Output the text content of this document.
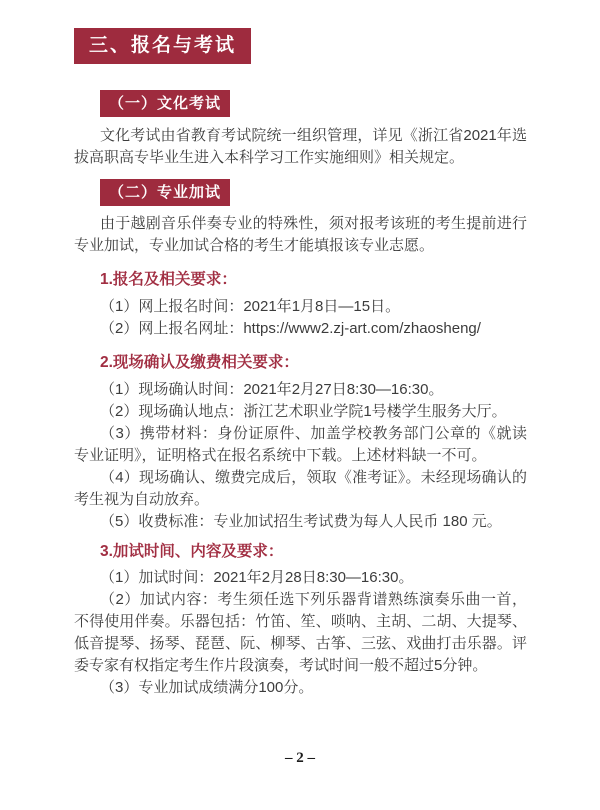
三、报名与考试
（一）文化考试

文化考试由省教育考试院统一组织管理，详见《浙江省2021年选拔高职高专毕业生进入本科学习工作实施细则》相关规定。

（二）专业加试

由于越剧音乐伴奏专业的特殊性，须对报考该班的考生提前进行专业加试，专业加试合格的考生才能填报该专业志愿。

1.报名及相关要求：

（1）网上报名时间：2021年1月8日—15日。

（2）网上报名网址：https://www2.zj-art.com/zhaosheng/

2.现场确认及缴费相关要求：

（1）现场确认时间：2021年2月27日8:30—16:30。

（2）现场确认地点：浙江艺术职业学院1号楼学生服务大厅。

（3）携带材料：身份证原件、加盖学校教务部门公章的《就读专业证明》，证明格式在报名系统中下载。上述材料缺一不可。

（4）现场确认、缴费完成后，领取《准考证》。未经现场确认的考生视为自动放弃。

（5）收费标准：专业加试招生考试费为每人人民币 180 元。

3.加试时间、内容及要求：

（1）加试时间：2021年2月28日8:30—16:30。

（2）加试内容：考生须任选下列乐器背谱熟练演奏乐曲一首，不得使用伴奏。乐器包括：竹笛、笙、唢呐、主胡、二胡、大提琴、低音提琴、扬琴、琵琶、阮、柳琴、古筝、三弦、戏曲打击乐器。评委专家有权指定考生作片段演奏，考试时间一般不超过5分钟。

（3）专业加试成绩满分100分。

– 2 –
